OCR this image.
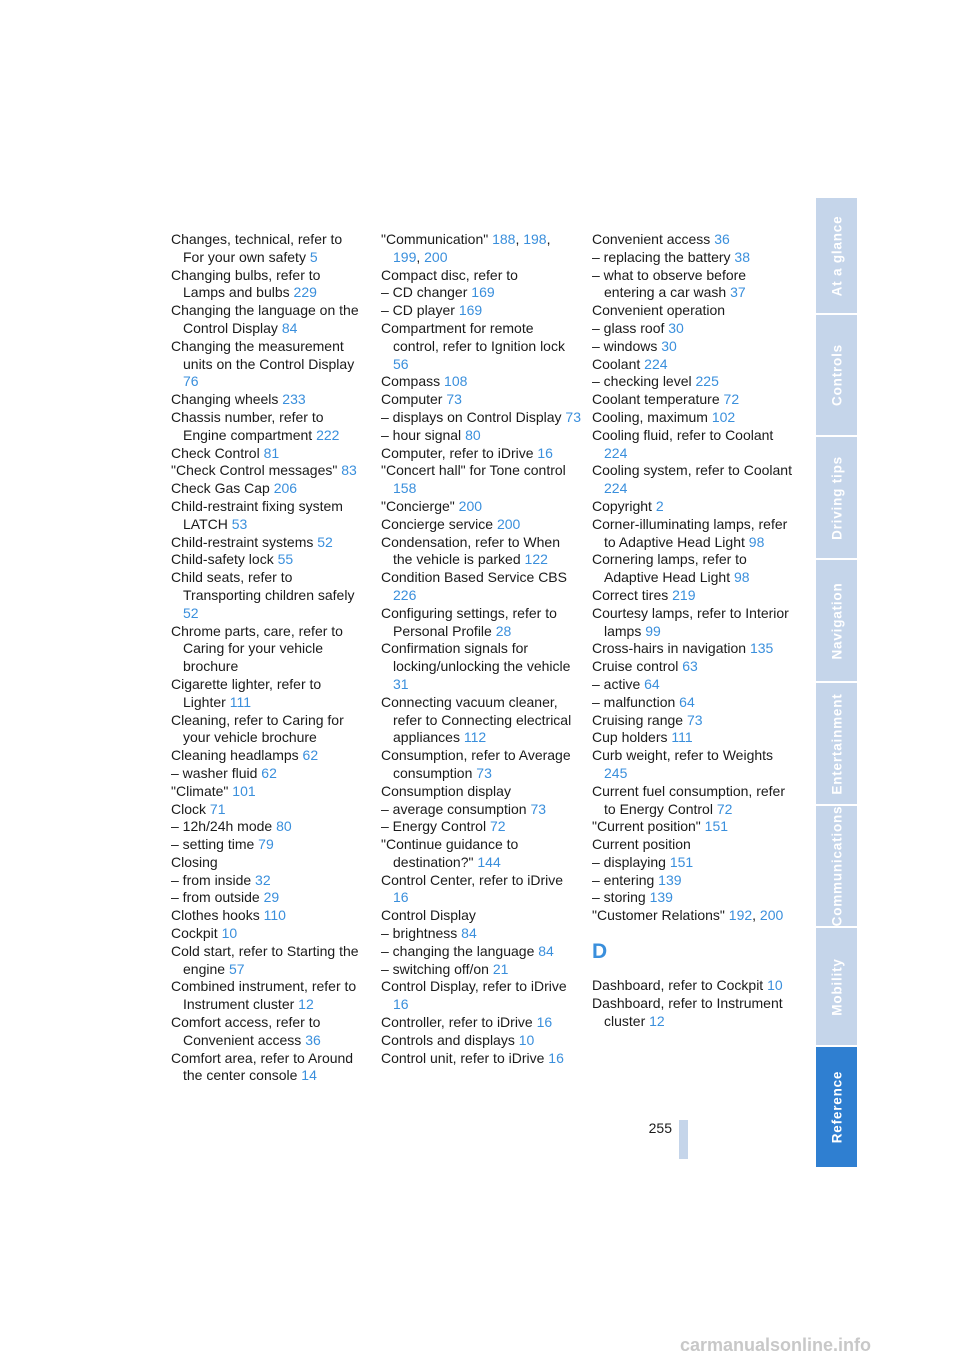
Changes, technical, refer to For your own safety 5

Changing bulbs, refer to Lamps and bulbs 229

Changing the language on the Control Display 84

Changing the measurement units on the Control Display 76

Changing wheels 233

Chassis number, refer to Engine compartment 222

Check Control 81

"Check Control messages" 83

Check Gas Cap 206

Child-restraint fixing system LATCH 53

Child-restraint systems 52

Child-safety lock 55

Child seats, refer to Transporting children safely 52

Chrome parts, care, refer to Caring for your vehicle brochure

Cigarette lighter, refer to Lighter 111

Cleaning, refer to Caring for your vehicle brochure

Cleaning headlamps 62

– washer fluid 62

"Climate" 101

Clock 71

– 12h/24h mode 80

– setting time 79

Closing

– from inside 32

– from outside 29

Clothes hooks 110

Cockpit 10

Cold start, refer to Starting the engine 57

Combined instrument, refer to Instrument cluster 12

Comfort access, refer to Convenient access 36

Comfort area, refer to Around the center console 14

"Communication" 188, 198, 199, 200

Compact disc, refer to

– CD changer 169

– CD player 169

Compartment for remote control, refer to Ignition lock 56

Compass 108

Computer 73

– displays on Control Display 73

– hour signal 80

Computer, refer to iDrive 16

"Concert hall" for Tone control 158

"Concierge" 200

Concierge service 200

Condensation, refer to When the vehicle is parked 122

Condition Based Service CBS 226

Configuring settings, refer to Personal Profile 28

Confirmation signals for locking/unlocking the vehicle 31

Connecting vacuum cleaner, refer to Connecting electrical appliances 112

Consumption, refer to Average consumption 73

Consumption display

– average consumption 73

– Energy Control 72

"Continue guidance to destination?" 144

Control Center, refer to iDrive 16

Control Display

– brightness 84

– changing the language 84

– switching off/on 21

Control Display, refer to iDrive 16

Controller, refer to iDrive 16

Controls and displays 10

Control unit, refer to iDrive 16

Convenient access 36

– replacing the battery 38

– what to observe before entering a car wash 37

Convenient operation

– glass roof 30

– windows 30

Coolant 224

– checking level 225

Coolant temperature 72

Cooling, maximum 102

Cooling fluid, refer to Coolant 224

Cooling system, refer to Coolant 224

Copyright 2

Corner-illuminating lamps, refer to Adaptive Head Light 98

Cornering lamps, refer to Adaptive Head Light 98

Correct tires 219

Courtesy lamps, refer to Interior lamps 99

Cross-hairs in navigation 135

Cruise control 63

– active 64

– malfunction 64

Cruising range 73

Cup holders 111

Curb weight, refer to Weights 245

Current fuel consumption, refer to Energy Control 72

"Current position" 151

Current position

– displaying 151

– entering 139

– storing 139

"Customer Relations" 192, 200

D

Dashboard, refer to Cockpit 10

Dashboard, refer to Instrument cluster 12

At a glance
Controls
Driving tips
Navigation
Entertainment
Communications
Mobility
Reference
255
carmanualsonline.info
